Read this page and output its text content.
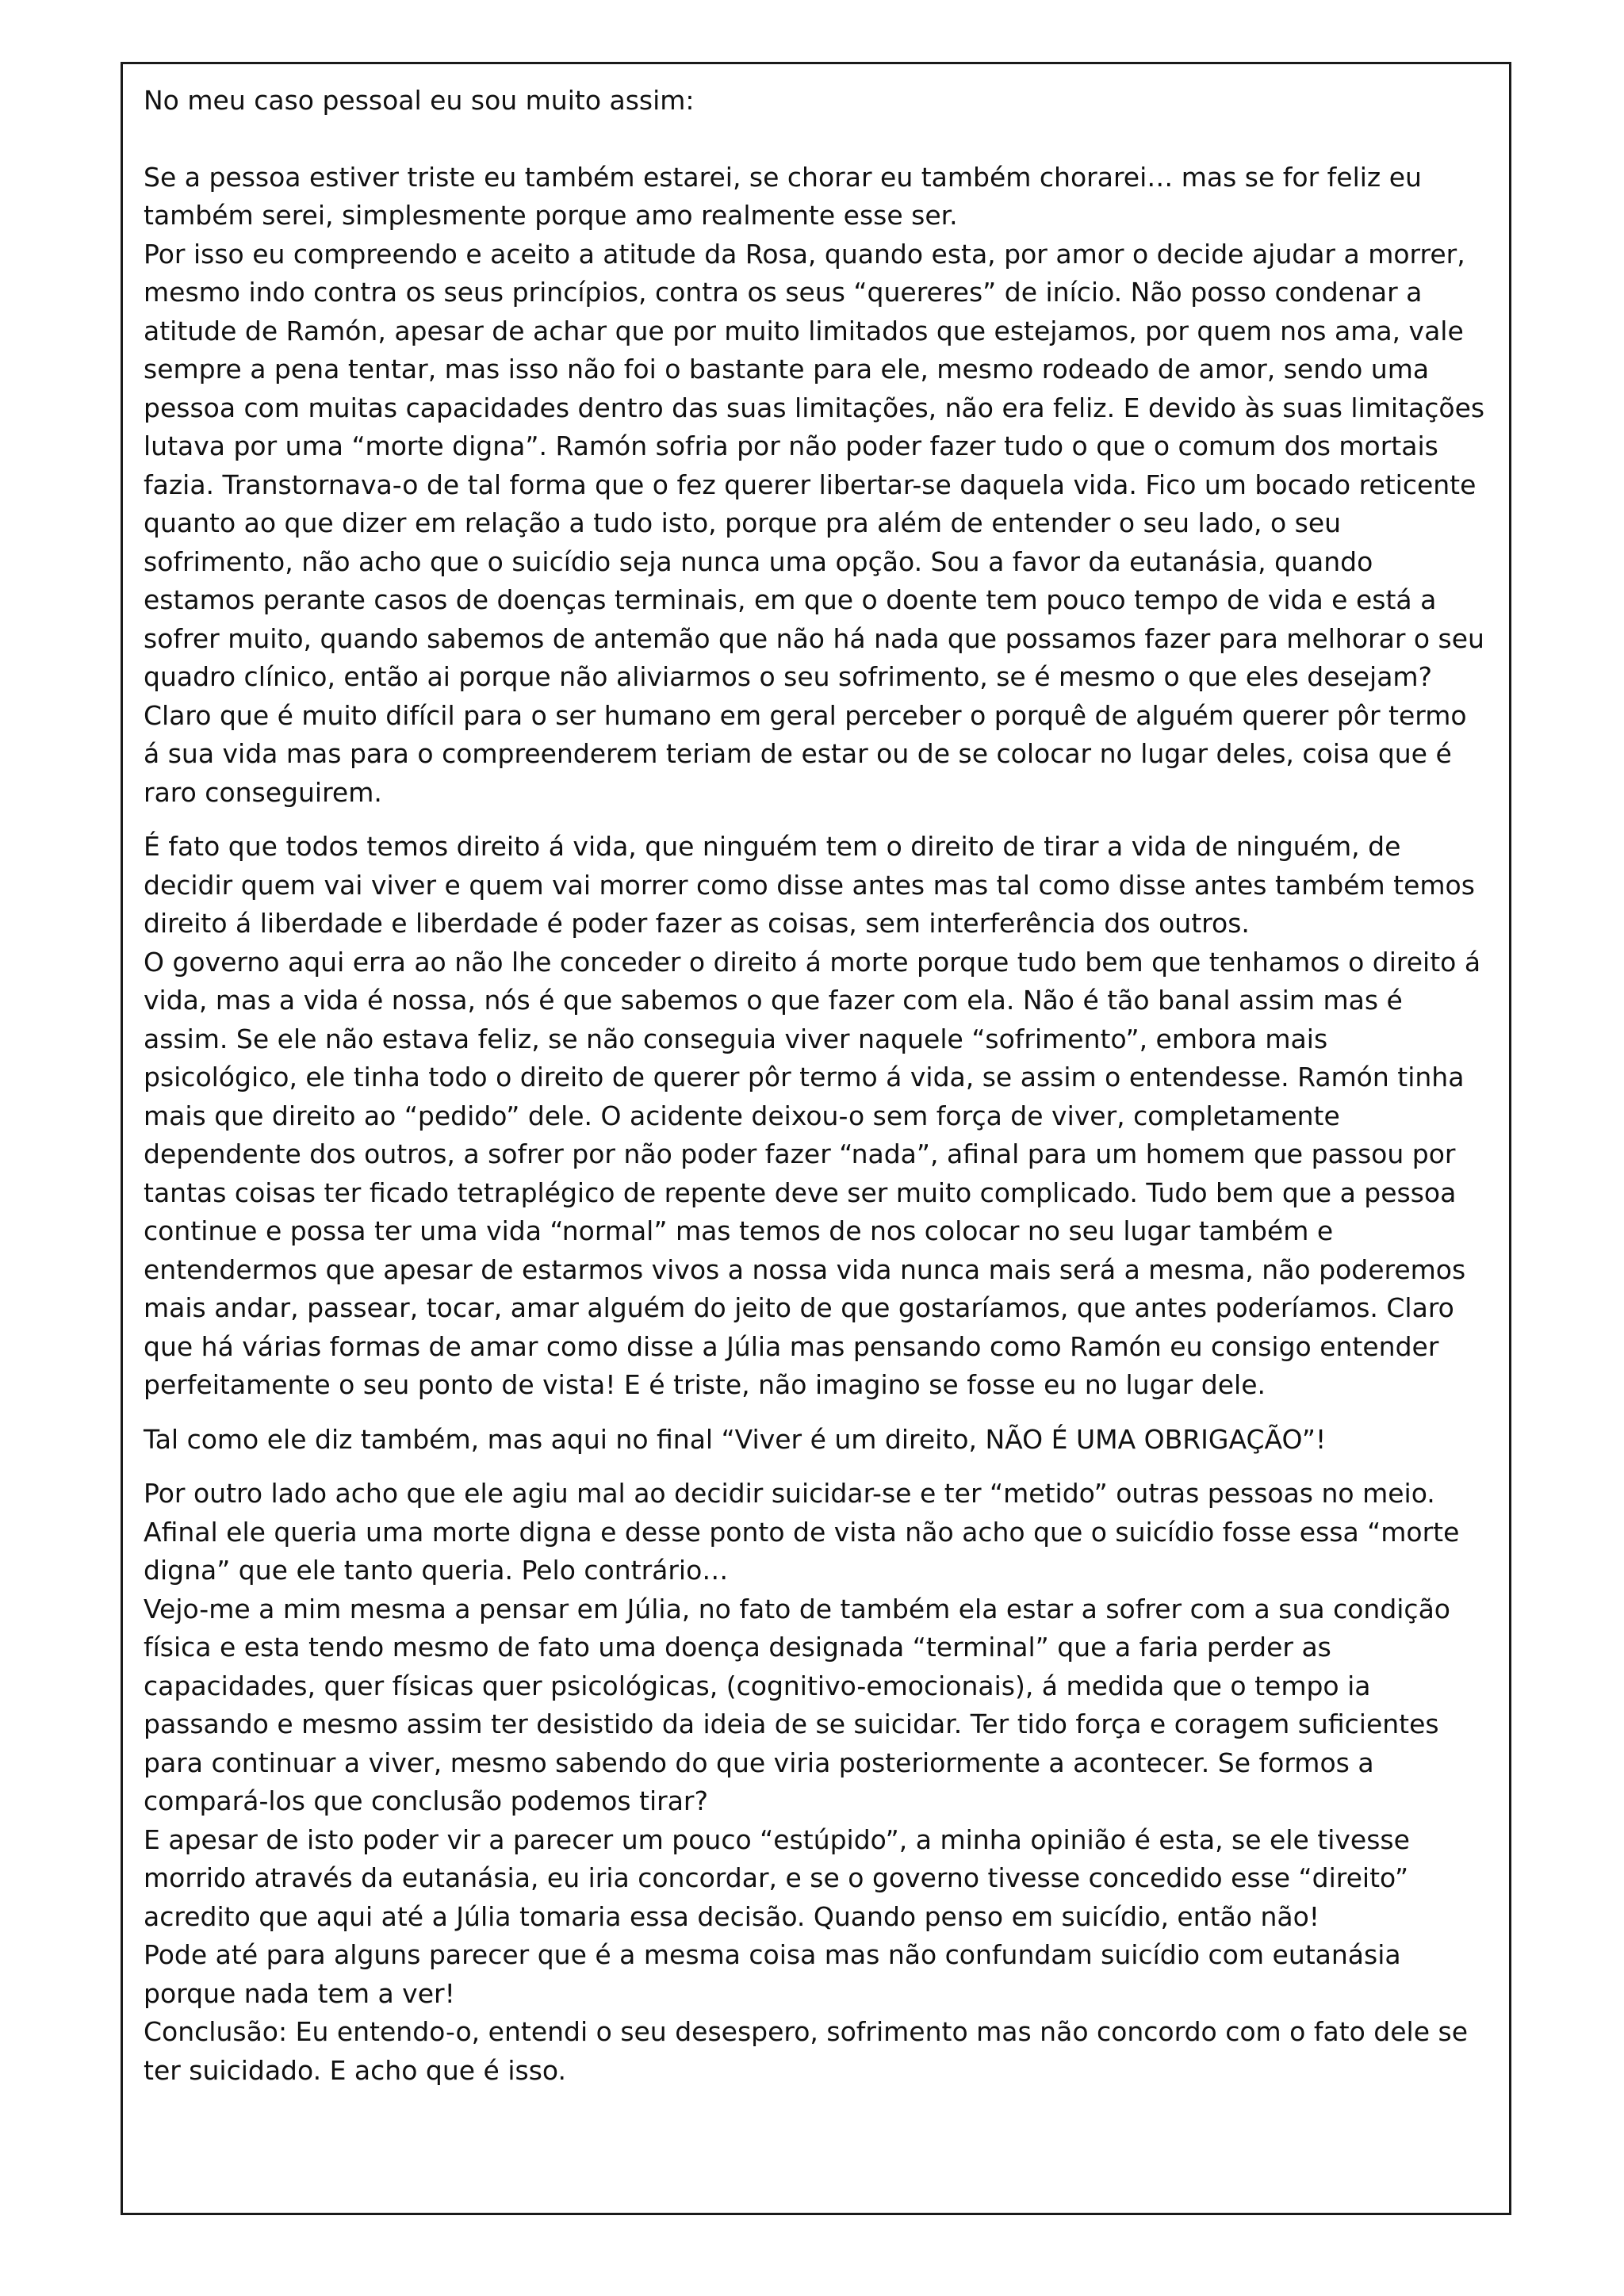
No meu caso pessoal eu sou muito assim:

Se a pessoa estiver triste eu também estarei, se chorar eu também chorarei… mas se for feliz eu também serei, simplesmente porque amo realmente esse ser.

Por isso eu compreendo e aceito a atitude da Rosa, quando esta, por amor o decide ajudar a morrer, mesmo indo contra os seus princípios, contra os seus “quereres” de início. Não posso condenar a atitude de Ramón, apesar de achar que por muito limitados que estejamos, por quem nos ama, vale sempre a pena tentar, mas isso não foi o bastante para ele, mesmo rodeado de amor, sendo uma pessoa com muitas capacidades dentro das suas limitações, não era feliz. E devido às suas limitações lutava por uma “morte digna”. Ramón sofria por não poder fazer tudo o que o comum dos mortais fazia. Transtornava-o de tal forma que o fez querer libertar-se daquela vida. Fico um bocado reticente quanto ao que dizer em relação a tudo isto, porque pra além de entender o seu lado, o seu sofrimento, não acho que o suicídio seja nunca uma opção. Sou a favor da eutanásia, quando estamos perante casos de doenças terminais, em que o doente tem pouco tempo de vida e está a sofrer muito, quando sabemos de antemão que não há nada que possamos fazer para melhorar o seu quadro clínico, então ai porque não aliviarmos o seu sofrimento, se é mesmo o que eles desejam? Claro que é muito difícil para o ser humano em geral perceber o porquê de alguém querer pôr termo á sua vida mas para o compreenderem teriam de estar ou de se colocar no lugar deles, coisa que é raro conseguirem.

É fato que todos temos direito á vida, que ninguém tem o direito de tirar a vida de ninguém, de decidir quem vai viver e quem vai morrer como disse antes mas tal como disse antes também temos direito á liberdade e liberdade é poder fazer as coisas, sem interferência dos outros.

O governo aqui erra ao não lhe conceder o direito á morte porque tudo bem que tenhamos o direito á vida, mas a vida é nossa, nós é que sabemos o que fazer com ela. Não é tão banal assim mas é assim. Se ele não estava feliz, se não conseguia viver naquele “sofrimento”, embora mais psicológico, ele tinha todo o direito de querer pôr termo á vida, se assim o entendesse. Ramón tinha mais que direito ao “pedido” dele. O acidente deixou-o sem força de viver, completamente dependente dos outros, a sofrer por não poder fazer “nada”, afinal para um homem que passou por tantas coisas ter ficado tetraplégico de repente deve ser muito complicado. Tudo bem que a pessoa continue e possa ter uma vida “normal” mas temos de nos colocar no seu lugar também e entendermos que apesar de estarmos vivos a nossa vida nunca mais será a mesma, não poderemos mais andar, passear, tocar, amar alguém do jeito de que gostaríamos, que antes poderíamos. Claro que há várias formas de amar como disse a Júlia mas pensando como Ramón eu consigo entender perfeitamente o seu ponto de vista! E é triste, não imagino se fosse eu no lugar dele.

Tal como ele diz também, mas aqui no final “Viver é um direito, NÃO É UMA OBRIGAÇÃO”!

Por outro lado acho que ele agiu mal ao decidir suicidar-se e ter “metido” outras pessoas no meio. Afinal ele queria uma morte digna e desse ponto de vista não acho que o suicídio fosse essa “morte digna” que ele tanto queria. Pelo contrário…

Vejo-me a mim mesma a pensar em Júlia, no fato de também ela estar a sofrer com a sua condição física e esta tendo mesmo de fato uma doença designada “terminal” que a faria perder as capacidades, quer físicas quer psicológicas, (cognitivo-emocionais), á medida que o tempo ia passando e mesmo assim ter desistido da ideia de se suicidar. Ter tido força e coragem suficientes para continuar a viver, mesmo sabendo do que viria posteriormente a acontecer. Se formos a compará-los que conclusão podemos tirar?

E apesar de isto poder vir a parecer um pouco “estúpido”, a minha opinião é esta, se ele tivesse morrido através da eutanásia, eu iria concordar, e se o governo tivesse concedido esse “direito” acredito que aqui até a Júlia tomaria essa decisão. Quando penso em suicídio, então não!

Pode até para alguns parecer que é a mesma coisa mas não confundam suicídio com eutanásia porque nada tem a ver!

Conclusão: Eu entendo-o, entendi o seu desespero, sofrimento mas não concordo com o fato dele se ter suicidado. E acho que é isso.
